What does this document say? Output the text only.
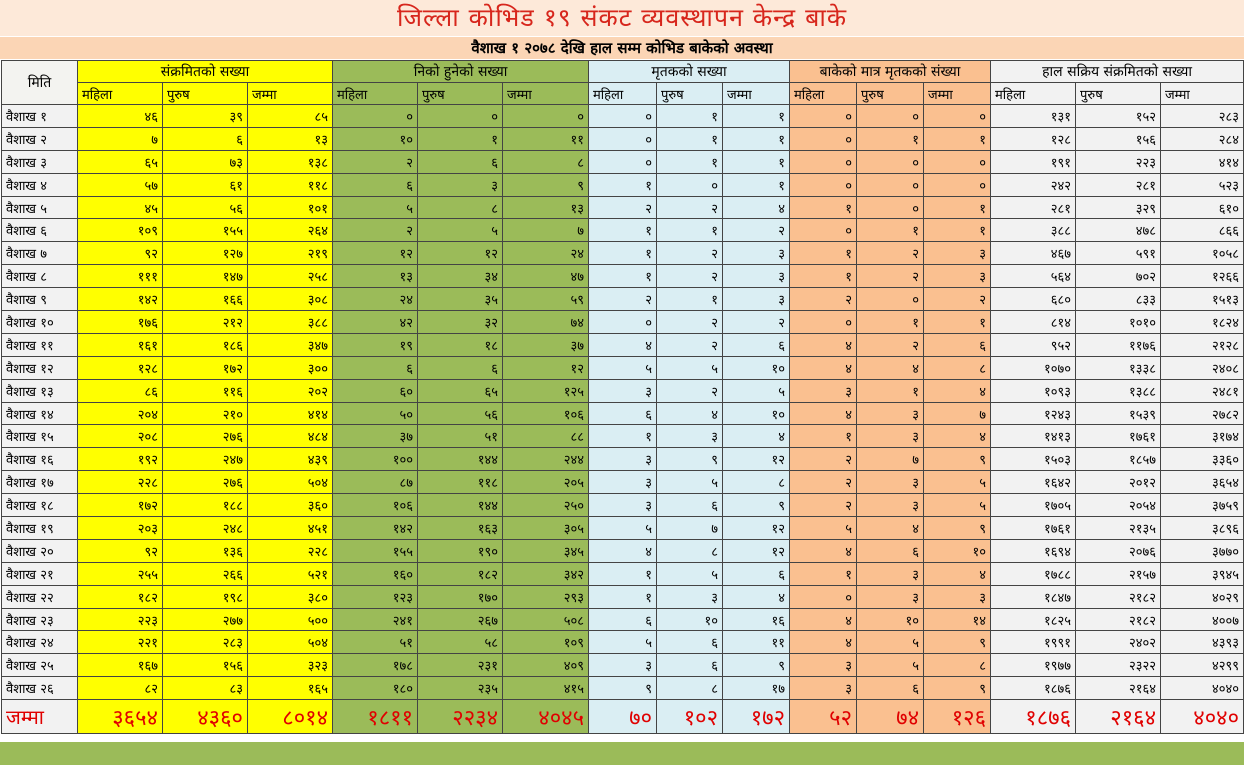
जिल्ला कोभिड १९ संकट व्यवस्थापन केन्द्र बाके
वैशाख १ २०७८ देखि हाल सम्म कोभिड बाकेको अवस्था
मिति	संक्रमितको सख्या			निको हुनेको सख्या			मृतकको सख्या			बाकेको मात्र मृतकको संख्या			हाल सक्रिय संक्रमितको सख्या		
	महिला	पुरुष	जम्मा	महिला	पुरुष	जम्मा	महिला	पुरुष	जम्मा	महिला	पुरुष	जम्मा	महिला	पुरुष	जम्मा
वैशाख १	४६	३९	८५	०	०	०	०	१	१	०	०	०	१३१	१५२	२८३
वैशाख २	७	६	१३	१०	१	११	०	१	१	०	१	१	१२८	१५६	२८४
वैशाख ३	६५	७३	१३८	२	६	८	०	१	१	०	०	०	१९१	२२३	४१४
वैशाख ४	५७	६१	११८	६	३	९	१	०	१	०	०	०	२४२	२८१	५२३
वैशाख ५	४५	५६	१०१	५	८	१३	२	२	४	१	०	१	२८१	३२९	६१०
वैशाख ६	१०९	१५५	२६४	२	५	७	१	१	२	०	१	१	३८८	४७८	८६६
वैशाख ७	९२	१२७	२१९	१२	१२	२४	१	२	३	१	२	३	४६७	५९१	१०५८
वैशाख ८	१११	१४७	२५८	१३	३४	४७	१	२	३	१	२	३	५६४	७०२	१२६६
वैशाख ९	१४२	१६६	३०८	२४	३५	५९	२	१	३	२	०	२	६८०	८३३	१५१३
वैशाख १०	१७६	२१२	३८८	४२	३२	७४	०	२	२	०	१	१	८१४	१०१०	१८२४
वैशाख ११	१६१	१८६	३४७	१९	१८	३७	४	२	६	४	२	६	९५२	११७६	२१२८
वैशाख १२	१२८	१७२	३००	६	६	१२	५	५	१०	४	४	८	१०७०	१३३८	२४०८
वैशाख १३	८६	११६	२०२	६०	६५	१२५	३	२	५	३	१	४	१०९३	१३८८	२४८१
वैशाख १४	२०४	२१०	४१४	५०	५६	१०६	६	४	१०	४	३	७	१२४३	१५३९	२७८२
वैशाख १५	२०८	२७६	४८४	३७	५१	८८	१	३	४	१	३	४	१४१३	१७६१	३१७४
वैशाख १६	१९२	२४७	४३९	१००	१४४	२४४	३	९	१२	२	७	९	१५०३	१८५७	३३६०
वैशाख १७	२२८	२७६	५०४	८७	११८	२०५	३	५	८	२	३	५	१६४२	२०१२	३६५४
वैशाख १८	१७२	१८८	३६०	१०६	१४४	२५०	३	६	९	२	३	५	१७०५	२०५४	३७५९
वैशाख १९	२०३	२४८	४५१	१४२	१६३	३०५	५	७	१२	५	४	९	१७६१	२१३५	३८९६
वैशाख २०	९२	१३६	२२८	१५५	१९०	३४५	४	८	१२	४	६	१०	१६९४	२०७६	३७७०
वैशाख २१	२५५	२६६	५२१	१६०	१८२	३४२	१	५	६	१	३	४	१७८८	२१५७	३९४५
वैशाख २२	१८२	१९८	३८०	१२३	१७०	२९३	१	३	४	०	३	३	१८४७	२१८२	४०२९
वैशाख २३	२२३	२७७	५००	२४१	२६७	५०८	६	१०	१६	४	१०	१४	१८२५	२१८२	४००७
वैशाख २४	२२१	२८३	५०४	५१	५८	१०९	५	६	११	४	५	९	१९९१	२४०२	४३९३
वैशाख २५	१६७	१५६	३२३	१७८	२३१	४०९	३	६	९	३	५	८	१९७७	२३२२	४२९९
वैशाख २६	८२	८३	१६५	१८०	२३५	४१५	९	८	१७	३	६	९	१८७६	२१६४	४०४०
जम्मा	३६५४	४३६०	८०१४	१८११	२२३४	४०४५	७०	१०२	१७२	५२	७४	१२६	१८७६	२१६४	४०४०
